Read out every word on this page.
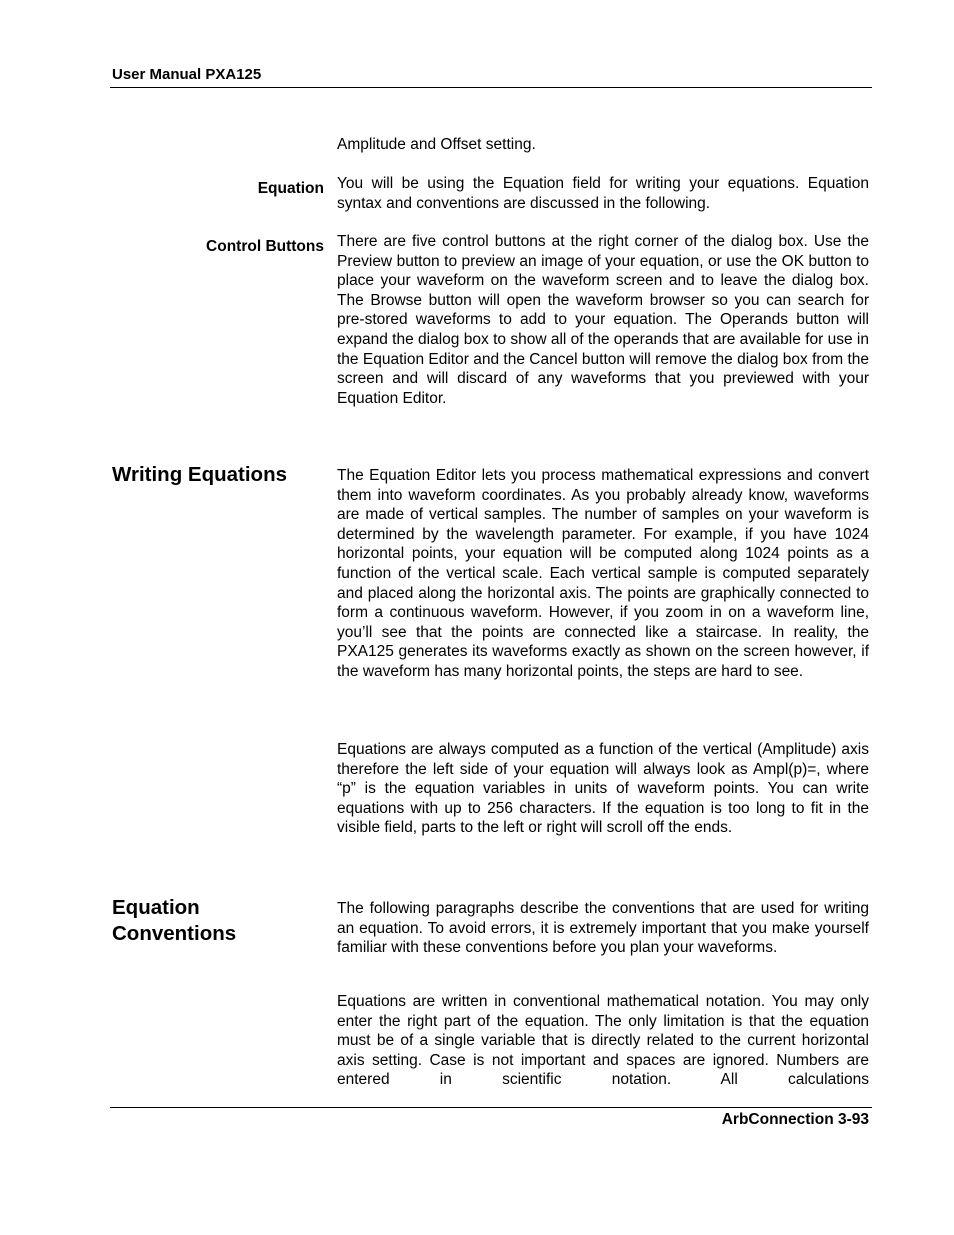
User Manual PXA125
Amplitude and Offset setting.
Equation You will be using the Equation field for writing your equations. Equation syntax and conventions are discussed in the following.
Control Buttons There are five control buttons at the right corner of the dialog box. Use the Preview button to preview an image of your equation, or use the OK button to place your waveform on the waveform screen and to leave the dialog box. The Browse button will open the waveform browser so you can search for pre-stored waveforms to add to your equation. The Operands button will expand the dialog box to show all of the operands that are available for use in the Equation Editor and the Cancel button will remove the dialog box from the screen and will discard of any waveforms that you previewed with your Equation Editor.
Writing Equations	The Equation Editor lets you process mathematical expressions and convert them into waveform coordinates. As you probably already know, waveforms are made of vertical samples. The number of samples on your waveform is determined by the wavelength parameter. For example, if you have 1024 horizontal points, your equation will be computed along 1024 points as a function of the vertical scale. Each vertical sample is computed separately and placed along the horizontal axis. The points are graphically connected to form a continuous waveform. However, if you zoom in on a waveform line, you’ll see that the points are connected like a staircase. In reality, the PXA125 generates its waveforms exactly as shown on the screen however, if the waveform has many horizontal points, the steps are hard to see.
Equations are always computed as a function of the vertical (Amplitude) axis therefore the left side of your equation will always look as Ampl(p)=, where “p” is the equation variables in units of waveform points. You can write equations with up to 256 characters. If the equation is too long to fit in the visible field, parts to the left or right will scroll off the ends.
Equation
Conventions
The following paragraphs describe the conventions that are used for writing an equation. To avoid errors, it is extremely important that you make yourself familiar with these conventions before you plan your waveforms.
Equations are written in conventional mathematical notation. You may only enter the right part of the equation. The only limitation is that the equation must be of a single variable that is directly related to the current horizontal axis setting. Case is not important and spaces are ignored. Numbers are entered in scientific notation. All calculations
ArbConnection 3-93
